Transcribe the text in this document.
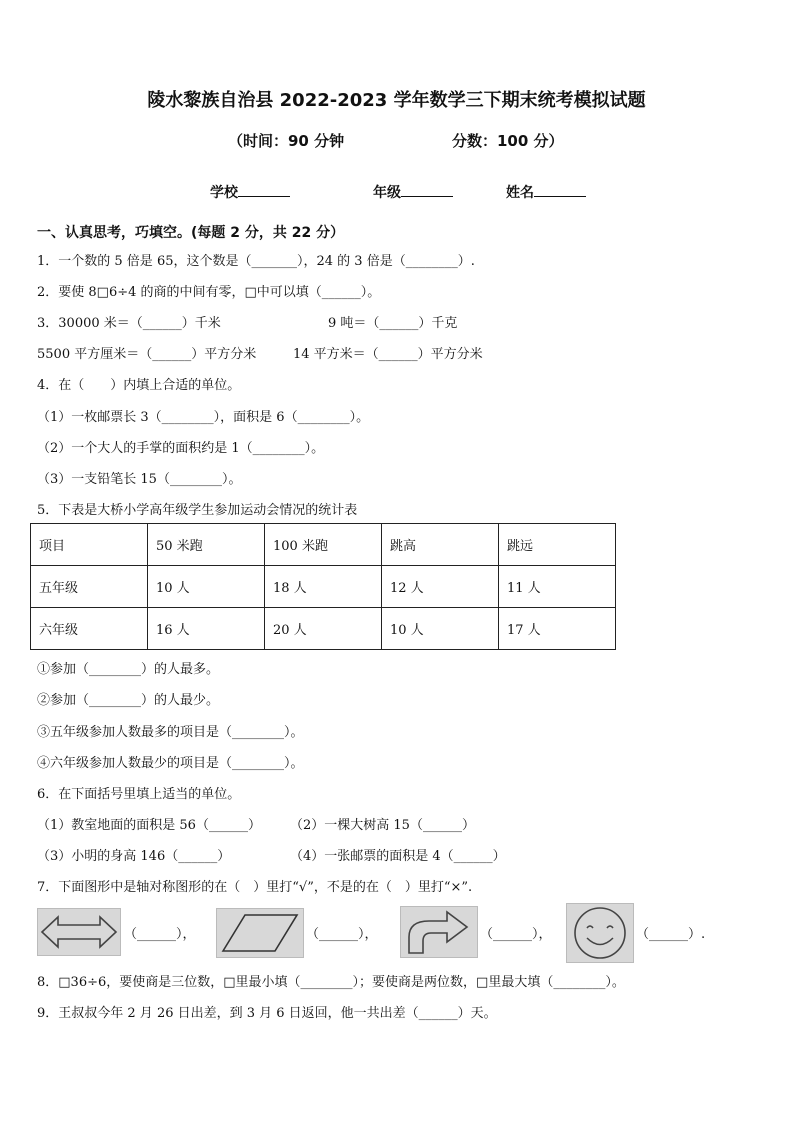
陵水黎族自治县 2022-2023 学年数学三下期末统考模拟试题
（时间：90 分钟	分数：100 分）
学校	年级	姓名
一、认真思考，巧填空。(每题 2 分，共 22 分）
1．一个数的 5 倍是 65，这个数是（_______），24 的 3 倍是（________）.
2．要使 8□6÷4 的商的中间有零，□中可以填（______）。
3．30000 米＝（______）千米	9 吨＝（______）千克
5500 平方厘米＝（______）平方分米	14 平方米＝（______）平方分米
4．在（　　）内填上合适的单位。
（1）一枚邮票长 3（________），面积是 6（________）。
（2）一个大人的手掌的面积约是 1（________）。
（3）一支铅笔长 15（________）。
5．下表是大桥小学高年级学生参加运动会情况的统计表
项目	50 米跑	100 米跑	跳高	跳远
五年级	10 人	18 人	12 人	11 人
六年级	16 人	20 人	10 人	17 人
①参加（________）的人最多。
②参加（________）的人最少。
③五年级参加人数最多的项目是（________）。
④六年级参加人数最少的项目是（________）。
6．在下面括号里填上适当的单位。
（1）教室地面的面积是 56（______） （2）一棵大树高 15（______）
（3）小明的身高 146（______）	（4）一张邮票的面积是 4（______）
7．下面图形中是轴对称图形的在（　）里打“√”，不是的在（　）里打“×”.
（______），	（______），	（______），	（______）.
8．□36÷6，要使商是三位数，□里最小填（________）；要使商是两位数，□里最大填（________）。
9．王叔叔今年 2 月 26 日出差，到 3 月 6 日返回，他一共出差（______）天。
